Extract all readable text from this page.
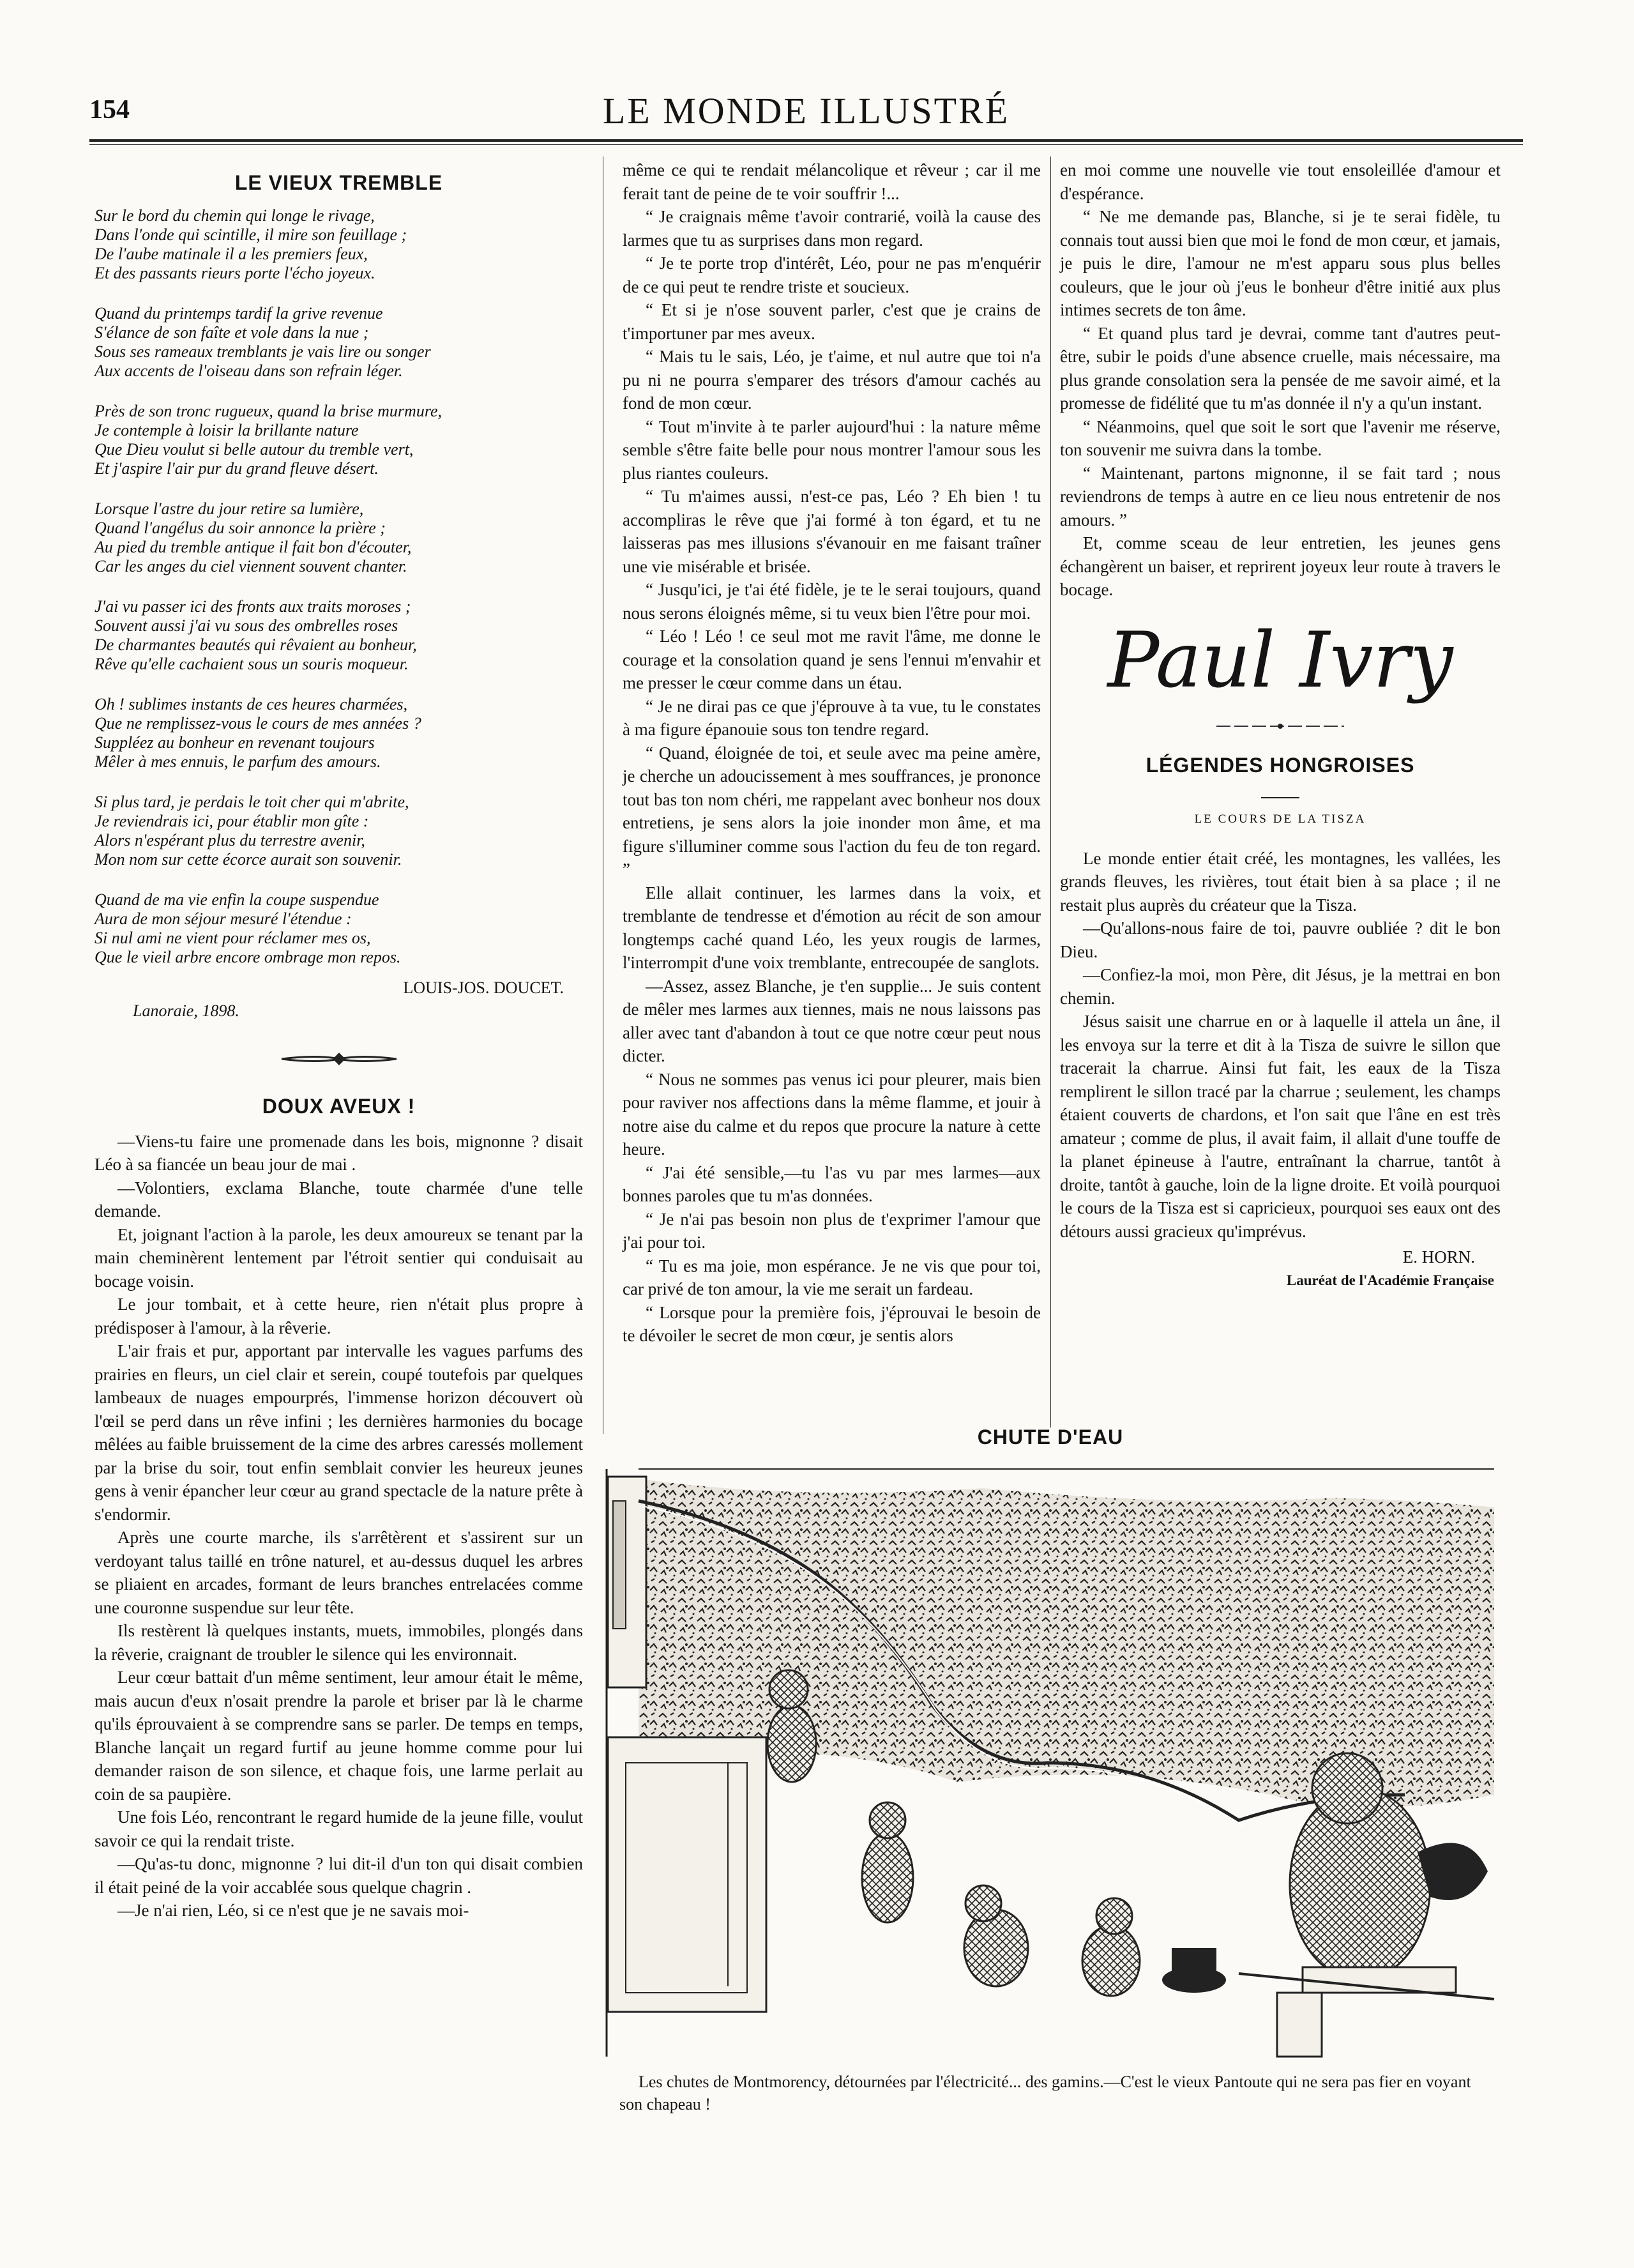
154	LE MONDE ILLUSTRÉ
LE VIEUX TREMBLE
Sur le bord du chemin qui longe le rivage,
Dans l'onde qui scintille, il mire son feuillage ;
De l'aube matinale il a les premiers feux,
Et des passants rieurs porte l'écho joyeux.
Quand du printemps tardif la grive revenue
S'élance de son faîte et vole dans la nue ;
Sous ses rameaux tremblants je vais lire ou songer
Aux accents de l'oiseau dans son refrain léger.
Près de son tronc rugueux, quand la brise murmure,
Je contemple à loisir la brillante nature
Que Dieu voulut si belle autour du tremble vert,
Et j'aspire l'air pur du grand fleuve désert.
Lorsque l'astre du jour retire sa lumière,
Quand l'angélus du soir annonce la prière ;
Au pied du tremble antique il fait bon d'écouter,
Car les anges du ciel viennent souvent chanter.
J'ai vu passer ici des fronts aux traits moroses ;
Souvent aussi j'ai vu sous des ombrelles roses
De charmantes beautés qui rêvaient au bonheur,
Rêve qu'elle cachaient sous un souris moqueur.
Oh ! sublimes instants de ces heures charmées,
Que ne remplissez-vous le cours de mes années ?
Suppléez au bonheur en revenant toujours
Mêler à mes ennuis, le parfum des amours.
Si plus tard, je perdais le toit cher qui m'abrite,
Je reviendrais ici, pour établir mon gîte :
Alors n'espérant plus du terrestre avenir,
Mon nom sur cette écorce aurait son souvenir.
Quand de ma vie enfin la coupe suspendue
Aura de mon séjour mesuré l'étendue :
Si nul ami ne vient pour réclamer mes os,
Que le vieil arbre encore ombrage mon repos.
LOUIS-JOS. DOUCET.
Lanoraie, 1898.
DOUX AVEUX !

—Viens-tu faire une promenade dans les bois, mignonne ? disait Léo à sa fiancée un beau jour de mai .

—Volontiers, exclama Blanche, toute charmée d'une telle demande.

Et, joignant l'action à la parole, les deux amoureux se tenant par la main cheminèrent lentement par l'étroit sentier qui conduisait au bocage voisin.

Le jour tombait, et à cette heure, rien n'était plus propre à prédisposer à l'amour, à la rêverie.

L'air frais et pur, apportant par intervalle les vagues parfums des prairies en fleurs, un ciel clair et serein, coupé toutefois par quelques lambeaux de nuages empourprés, l'immense horizon découvert où l'œil se perd dans un rêve infini ; les dernières harmonies du bocage mêlées au faible bruissement de la cime des arbres caressés mollement par la brise du soir, tout enfin semblait convier les heureux jeunes gens à venir épancher leur cœur au grand spectacle de la nature prête à s'endormir.

Après une courte marche, ils s'arrêtèrent et s'assirent sur un verdoyant talus taillé en trône naturel, et au-dessus duquel les arbres se pliaient en arcades, formant de leurs branches entrelacées comme une couronne suspendue sur leur tête.

Ils restèrent là quelques instants, muets, immobiles, plongés dans la rêverie, craignant de troubler le silence qui les environnait.

Leur cœur battait d'un même sentiment, leur amour était le même, mais aucun d'eux n'osait prendre la parole et briser par là le charme qu'ils éprouvaient à se comprendre sans se parler. De temps en temps, Blanche lançait un regard furtif au jeune homme comme pour lui demander raison de son silence, et chaque fois, une larme perlait au coin de sa paupière.

Une fois Léo, rencontrant le regard humide de la jeune fille, voulut savoir ce qui la rendait triste.

—Qu'as-tu donc, mignonne ? lui dit-il d'un ton qui disait combien il était peiné de la voir accablée sous quelque chagrin .

—Je n'ai rien, Léo, si ce n'est que je ne savais moi-

même ce qui te rendait mélancolique et rêveur ; car il me ferait tant de peine de te voir souffrir !...

“ Je craignais même t'avoir contrarié, voilà la cause des larmes que tu as surprises dans mon regard.

“ Je te porte trop d'intérêt, Léo, pour ne pas m'enquérir de ce qui peut te rendre triste et soucieux.

“ Et si je n'ose souvent parler, c'est que je crains de t'importuner par mes aveux.

“ Mais tu le sais, Léo, je t'aime, et nul autre que toi n'a pu ni ne pourra s'emparer des trésors d'amour cachés au fond de mon cœur.

“ Tout m'invite à te parler aujourd'hui : la nature même semble s'être faite belle pour nous montrer l'amour sous les plus riantes couleurs.

“ Tu m'aimes aussi, n'est-ce pas, Léo ? Eh bien ! tu accompliras le rêve que j'ai formé à ton égard, et tu ne laisseras pas mes illusions s'évanouir en me faisant traîner une vie misérable et brisée.

“ Jusqu'ici, je t'ai été fidèle, je te le serai toujours, quand nous serons éloignés même, si tu veux bien l'être pour moi.

“ Léo ! Léo ! ce seul mot me ravit l'âme, me donne le courage et la consolation quand je sens l'ennui m'envahir et me presser le cœur comme dans un étau.

“ Je ne dirai pas ce que j'éprouve à ta vue, tu le constates à ma figure épanouie sous ton tendre regard.

“ Quand, éloignée de toi, et seule avec ma peine amère, je cherche un adoucissement à mes souffrances, je prononce tout bas ton nom chéri, me rappelant avec bonheur nos doux entretiens, je sens alors la joie inonder mon âme, et ma figure s'illuminer comme sous l'action du feu de ton regard. ”

Elle allait continuer, les larmes dans la voix, et tremblante de tendresse et d'émotion au récit de son amour longtemps caché quand Léo, les yeux rougis de larmes, l'interrompit d'une voix tremblante, entrecoupée de sanglots.

—Assez, assez Blanche, je t'en supplie... Je suis content de mêler mes larmes aux tiennes, mais ne nous laissons pas aller avec tant d'abandon à tout ce que notre cœur peut nous dicter.

“ Nous ne sommes pas venus ici pour pleurer, mais bien pour raviver nos affections dans la même flamme, et jouir à notre aise du calme et du repos que procure la nature à cette heure.

“ J'ai été sensible,—tu l'as vu par mes larmes—aux bonnes paroles que tu m'as données.

“ Je n'ai pas besoin non plus de t'exprimer l'amour que j'ai pour toi.

“ Tu es ma joie, mon espérance. Je ne vis que pour toi, car privé de ton amour, la vie me serait un fardeau.

“ Lorsque pour la première fois, j'éprouvai le besoin de te dévoiler le secret de mon cœur, je sentis alors

en moi comme une nouvelle vie tout ensoleillée d'amour et d'espérance.

“ Ne me demande pas, Blanche, si je te serai fidèle, tu connais tout aussi bien que moi le fond de mon cœur, et jamais, je puis le dire, l'amour ne m'est apparu sous plus belles couleurs, que le jour où j'eus le bonheur d'être initié aux plus intimes secrets de ton âme.

“ Et quand plus tard je devrai, comme tant d'autres peut-être, subir le poids d'une absence cruelle, mais nécessaire, ma plus grande consolation sera la pensée de me savoir aimé, et la promesse de fidélité que tu m'as donnée il n'y a qu'un instant.

“ Néanmoins, quel que soit le sort que l'avenir me réserve, ton souvenir me suivra dans la tombe.

“ Maintenant, partons mignonne, il se fait tard ; nous reviendrons de temps à autre en ce lieu nous entretenir de nos amours. ”

Et, comme sceau de leur entretien, les jeunes gens échangèrent un baiser, et reprirent joyeux leur route à travers le bocage.

Paul Ivry
LÉGENDES HONGROISES
LE COURS DE LA TISZA

Le monde entier était créé, les montagnes, les vallées, les grands fleuves, les rivières, tout était bien à sa place ; il ne restait plus auprès du créateur que la Tisza.

—Qu'allons-nous faire de toi, pauvre oubliée ? dit le bon Dieu.

—Confiez-la moi, mon Père, dit Jésus, je la mettrai en bon chemin.

Jésus saisit une charrue en or à laquelle il attela un âne, il les envoya sur la terre et dit à la Tisza de suivre le sillon que tracerait la charrue. Ainsi fut fait, les eaux de la Tisza remplirent le sillon tracé par la charrue ; seulement, les champs étaient couverts de chardons, et l'on sait que l'âne en est très amateur ; comme de plus, il avait faim, il allait d'une touffe de la planet épineuse à l'autre, entraînant la charrue, tantôt à droite, tantôt à gauche, loin de la ligne droite. Et voilà pourquoi le cours de la Tisza est si capricieux, pourquoi ses eaux ont des détours aussi gracieux qu'imprévus.

E. HORN.
Lauréat de l'Académie Française
CHUTE D'EAU
Les chutes de Montmorency, détournées par l'électricité... des gamins.—C'est le vieux Pantoute qui ne sera pas fier en voyant son chapeau !
